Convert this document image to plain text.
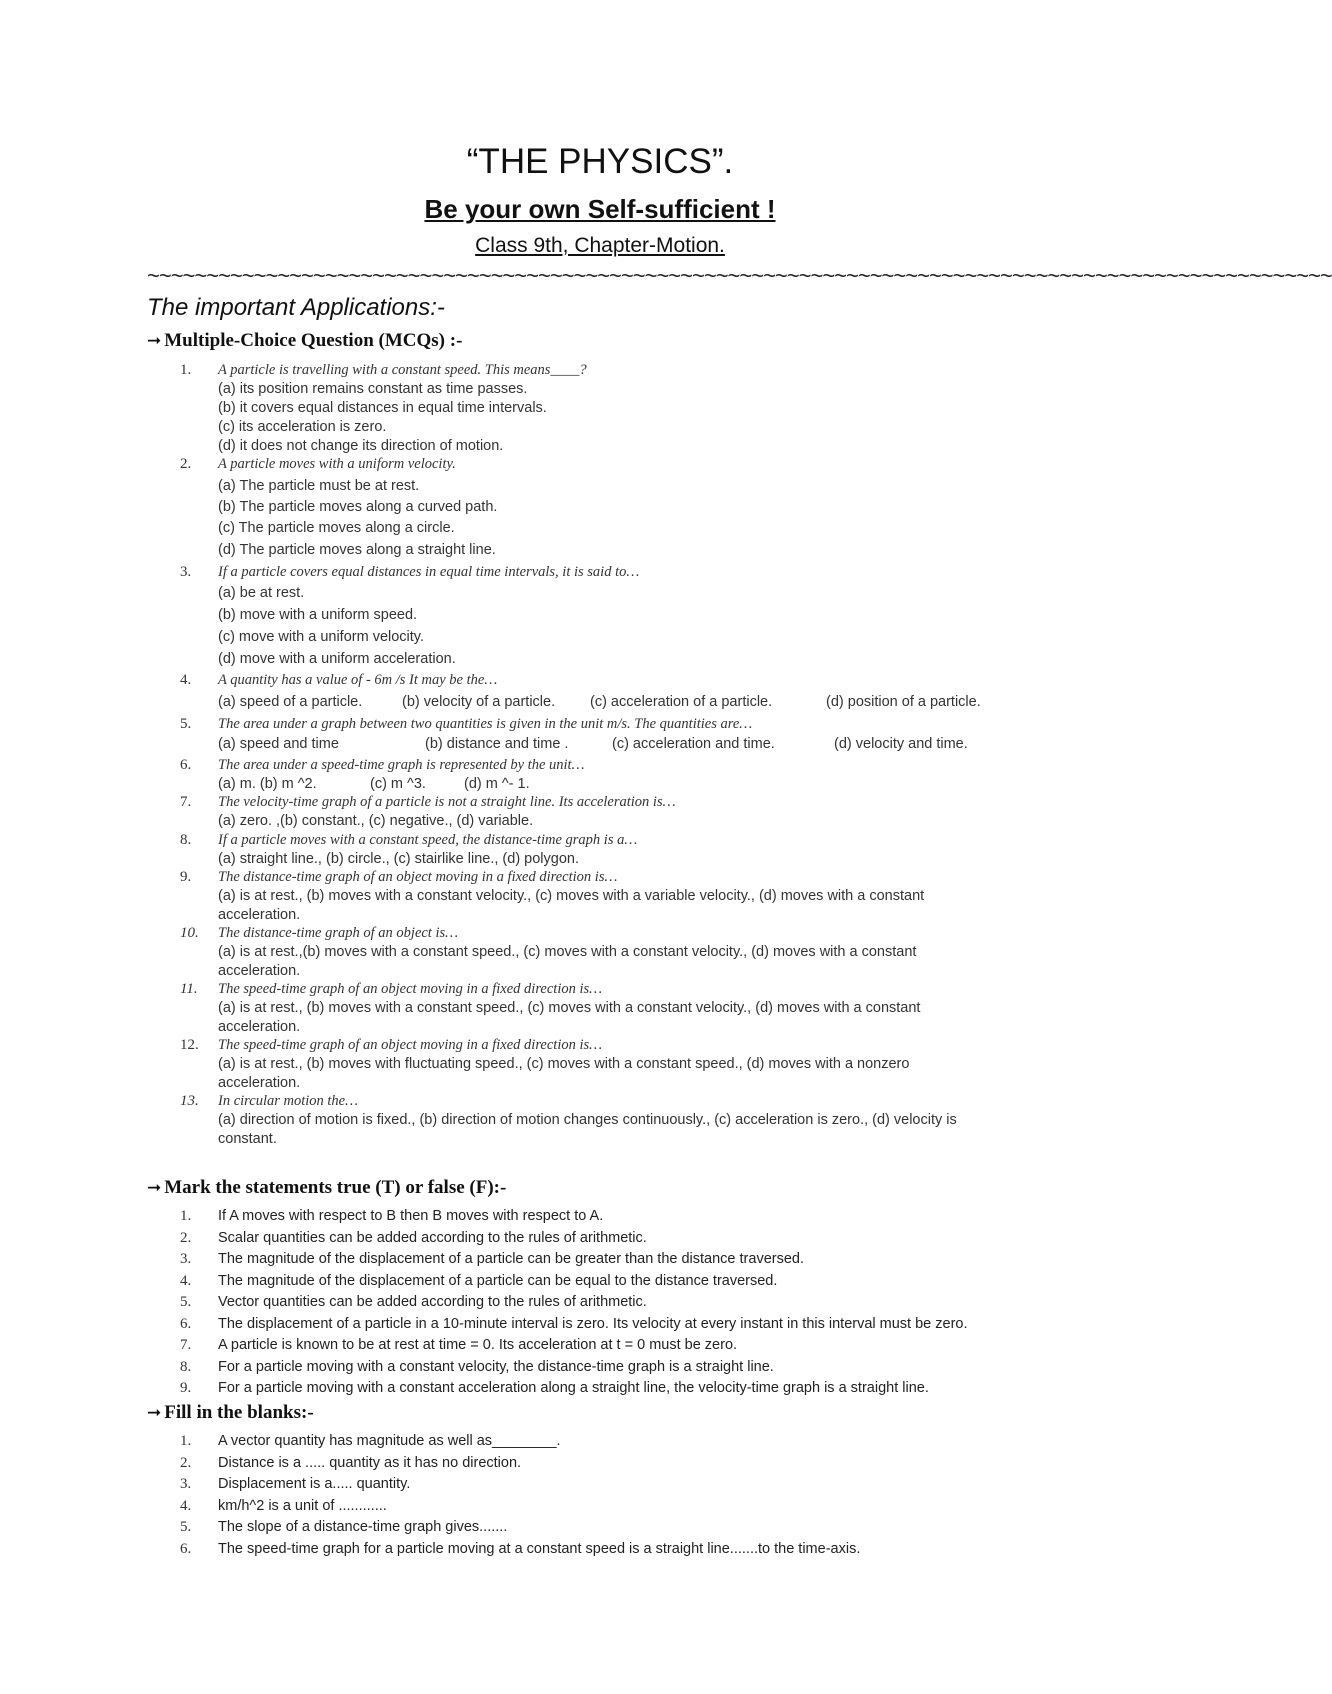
“THE PHYSICS”.
Be your own Self-sufficient !
Class 9th, Chapter-Motion.
~~~~~~~~~~~~~~~~~~~~~~~~~~~~~~~~~~~~~~~~~~~~~~~~~~~~~~~~~~~~~~~~~~~~~~~~~~~~~~~~~~~~~~~~~~~~~~~~~~~~
The important Applications:-
➞ Multiple-Choice Question (MCQs) :-
1.	A particle is travelling with a constant speed. This means____?
(a) its position remains constant as time passes.
(b) it covers equal distances in equal time intervals.
(c) its acceleration is zero.
(d) it does not change its direction of motion.
2.	A particle moves with a uniform velocity.
(a) The particle must be at rest.
(b) The particle moves along a curved path.
(c) The particle moves along a circle.
(d) The particle moves along a straight line.
3.	If a particle covers equal distances in equal time intervals, it is said to…
(a) be at rest.
(b) move with a uniform speed.
(c) move with a uniform velocity.
(d) move with a uniform acceleration.
4.	A quantity has a value of - 6m /s It may be the…
(a) speed of a particle.	(b) velocity of a particle. (c) acceleration of a particle.	(d) position of a particle.
5.	The area under a graph between two quantities is given in the unit m/s. The quantities are…
(a) speed and time	(b) distance and time .	(c) acceleration and time.	(d) velocity and time.
6.	The area under a speed-time graph is represented by the unit…
(a) m. (b) m ^2.	(c) m ^3.	(d) m ^- 1.
7.	The velocity-time graph of a particle is not a straight line. Its acceleration is…
(a) zero. ,(b) constant., (c) negative., (d) variable.
8.	If a particle moves with a constant speed, the distance-time graph is a…
(a) straight line., (b) circle., (c) stairlike line., (d) polygon.
9.	The distance-time graph of an object moving in a fixed direction is…
(a) is at rest., (b) moves with a constant velocity., (c) moves with a variable velocity., (d) moves with a constant
acceleration.
10.	The distance-time graph of an object is…
(a) is at rest.,(b) moves with a constant speed., (c) moves with a constant velocity., (d) moves with a constant
acceleration.
11.	The speed-time graph of an object moving in a fixed direction is…
(a) is at rest., (b) moves with a constant speed., (c) moves with a constant velocity., (d) moves with a constant
acceleration.
12.	The speed-time graph of an object moving in a fixed direction is…
(a) is at rest., (b) moves with fluctuating speed., (c) moves with a constant speed., (d) moves with a nonzero
acceleration.
13.	In circular motion the…
(a) direction of motion is fixed., (b) direction of motion changes continuously., (c) acceleration is zero., (d) velocity is
constant.
➞ Mark the statements true (T) or false (F):-
1.	If A moves with respect to B then B moves with respect to A.
2.	Scalar quantities can be added according to the rules of arithmetic.
3.	The magnitude of the displacement of a particle can be greater than the distance traversed.
4.	The magnitude of the displacement of a particle can be equal to the distance traversed.
5.	Vector quantities can be added according to the rules of arithmetic.
6.	The displacement of a particle in a 10-minute interval is zero. Its velocity at every instant in this interval must be zero.
7.	A particle is known to be at rest at time = 0. Its acceleration at t = 0 must be zero.
8.	For a particle moving with a constant velocity, the distance-time graph is a straight line.
9.	For a particle moving with a constant acceleration along a straight line, the velocity-time graph is a straight line.
➞ Fill in the blanks:-
1.	A vector quantity has magnitude as well as________.
2.	Distance is a ..... quantity as it has no direction.
3.	Displacement is a..... quantity.
4.	km/h^2 is a unit of ............
5.	The slope of a distance-time graph gives.......
6.	The speed-time graph for a particle moving at a constant speed is a straight line.......to the time-axis.
